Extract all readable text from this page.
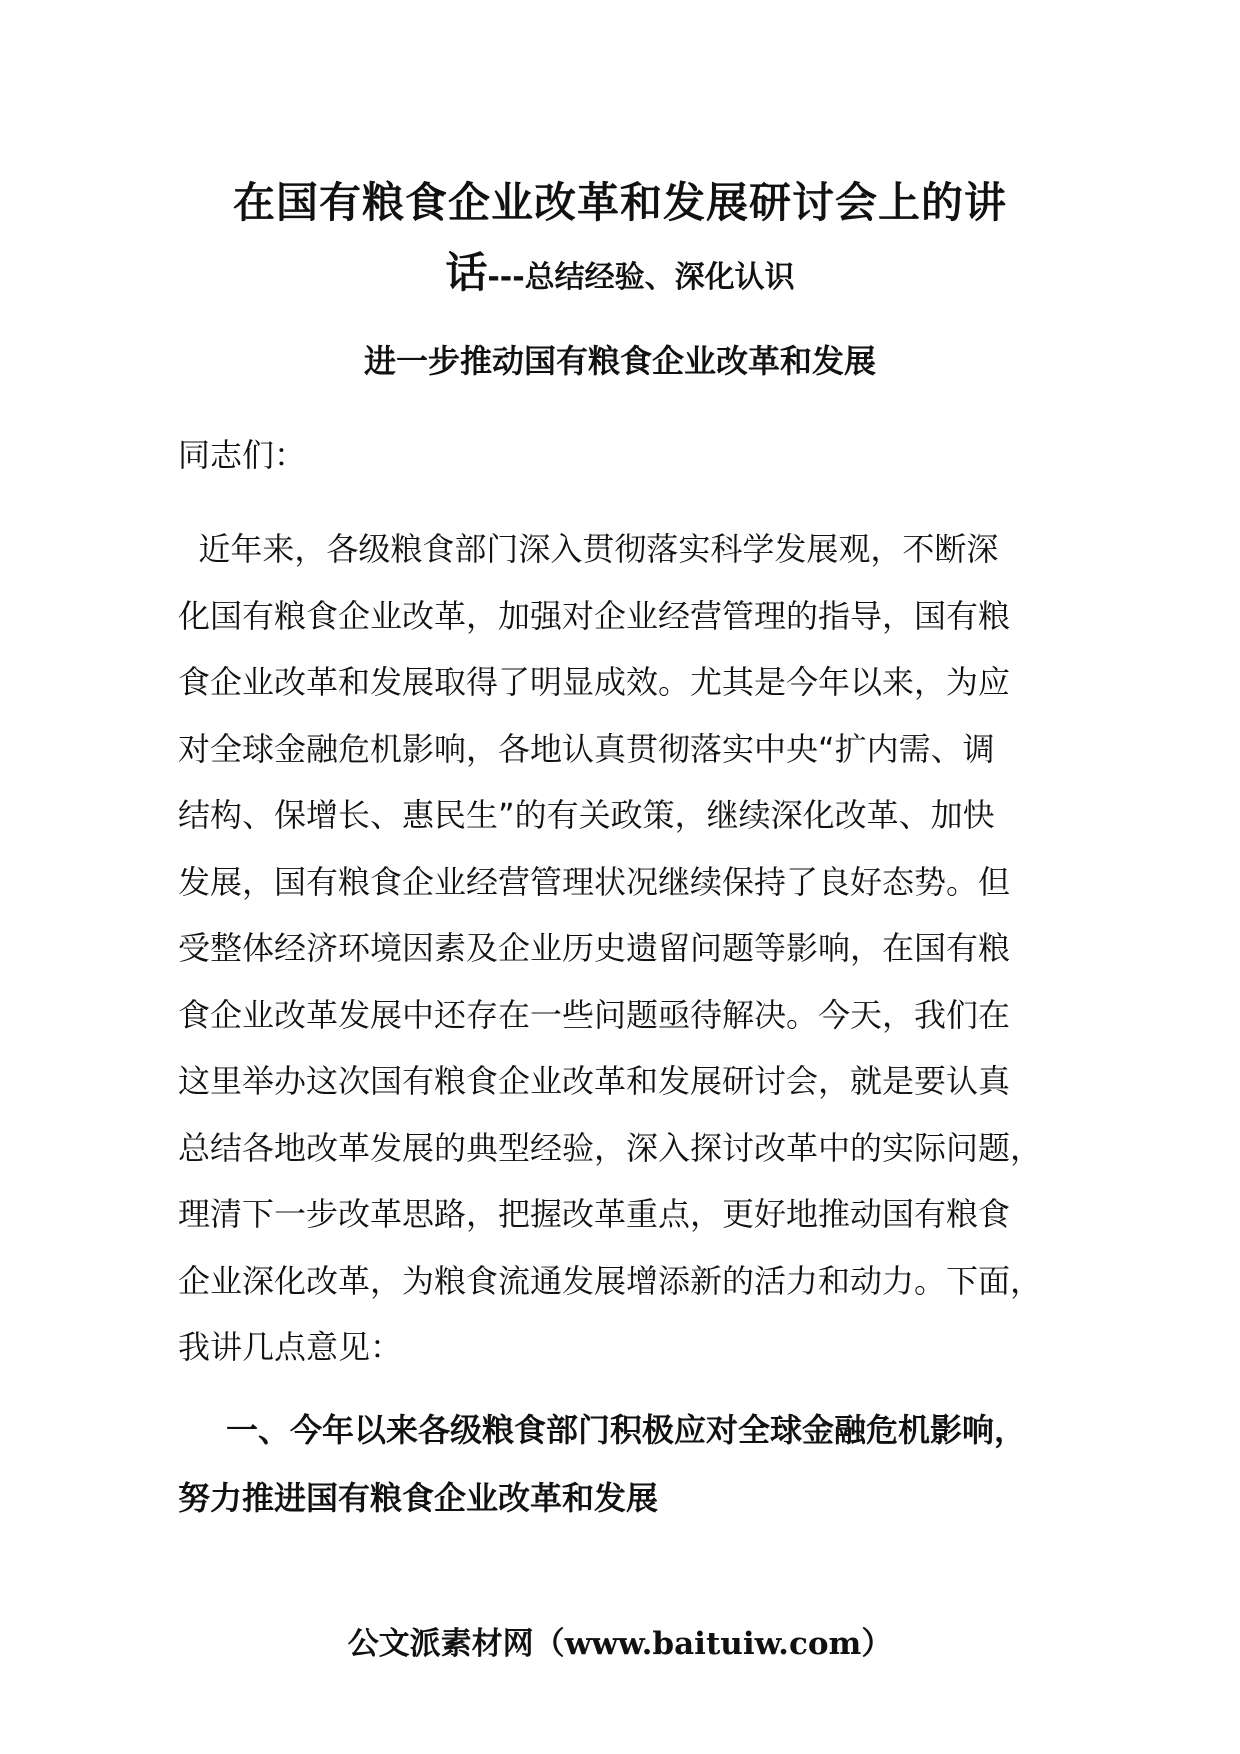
在国有粮食企业改革和发展研讨会上的讲
话---总结经验、深化认识
进一步推动国有粮食企业改革和发展
同志们：
近年来，各级粮食部门深入贯彻落实科学发展观，不断深
化国有粮食企业改革，加强对企业经营管理的指导，国有粮
食企业改革和发展取得了明显成效。尤其是今年以来，为应
对全球金融危机影响，各地认真贯彻落实中央“扩内需、调
结构、保增长、惠民生”的有关政策，继续深化改革、加快
发展，国有粮食企业经营管理状况继续保持了良好态势。但
受整体经济环境因素及企业历史遗留问题等影响，在国有粮
食企业改革发展中还存在一些问题亟待解决。今天，我们在
这里举办这次国有粮食企业改革和发展研讨会，就是要认真
总结各地改革发展的典型经验，深入探讨改革中的实际问题，
理清下一步改革思路，把握改革重点，更好地推动国有粮食
企业深化改革，为粮食流通发展增添新的活力和动力。下面，
我讲几点意见：
一、今年以来各级粮食部门积极应对全球金融危机影响，
努力推进国有粮食企业改革和发展
公文派素材网（www.baituiw.com）
